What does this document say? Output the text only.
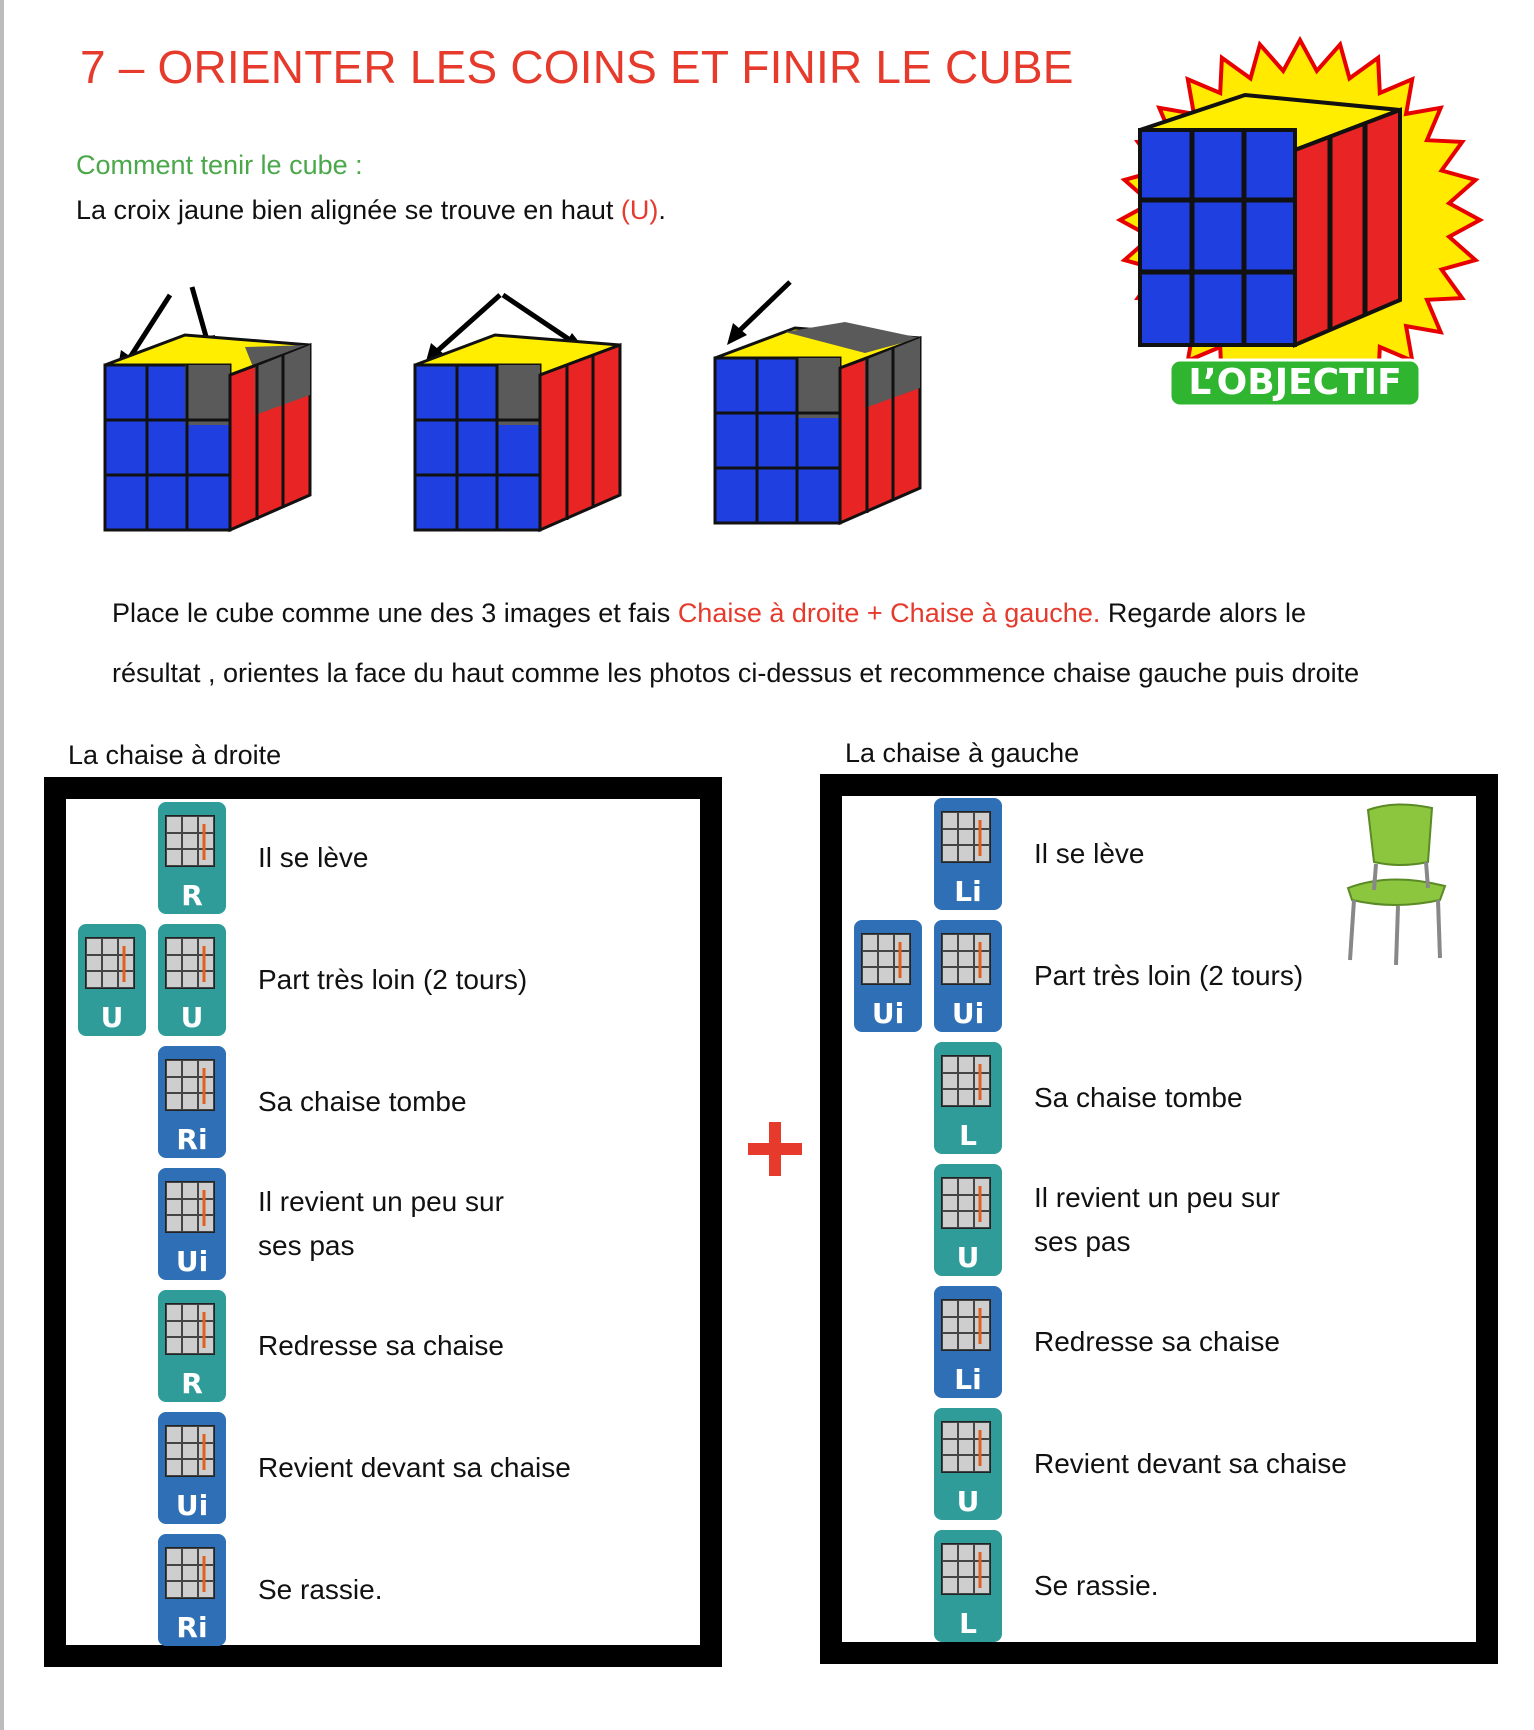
7 – ORIENTER LES COINS ET FINIR LE CUBE
Comment tenir le cube :
La croix jaune bien alignée se trouve en haut (U).
L’OBJECTIF
Place le cube comme une des 3 images et fais Chaise à droite + Chaise à gauche. Regarde alors le
résultat , orientes la face du haut comme les photos ci-dessus et recommence chaise gauche puis droite
La chaise à droite
R
Il se lève
U	U
Part très loin (2 tours)
Ri
Sa chaise tombe
Ui
Il revient un peu sur
ses pas
R
Redresse sa chaise
Ui
Revient devant sa chaise
Ri
Se rassie.
La chaise à gauche
Li
Il se lève
Ui	Ui
Part très loin (2 tours)
L
Sa chaise tombe
U
Il revient un peu sur
ses pas
Li
Redresse sa chaise
U
Revient devant sa chaise
L
Se rassie.
